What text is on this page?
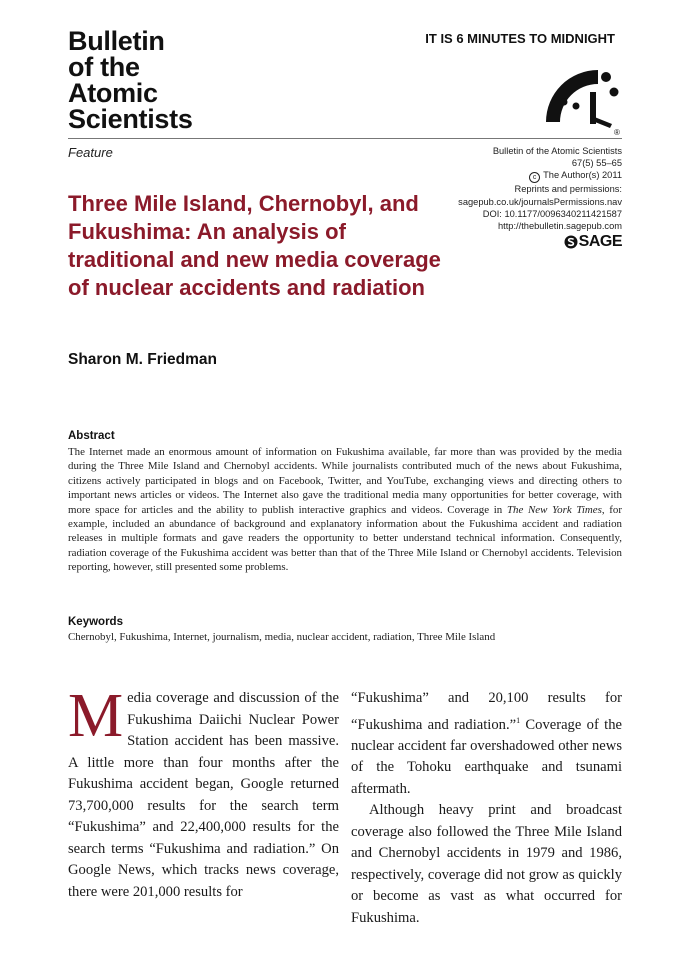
Bulletin
of the
Atomic
Scientists

IT IS 6 MINUTES TO MIDNIGHT

®

Feature	Bulletin of the Atomic Scientists
67(5) 55–65
c The Author(s) 2011
Reprints and permissions:
sagepub.co.uk/journalsPermissions.nav
DOI: 10.1177/0096340211421587
http://thebulletin.sagepub.com
SAGE
Three Mile Island, Chernobyl, and Fukushima: An analysis of traditional and new media coverage of nuclear accidents and radiation

Sharon M. Friedman

Abstract

The Internet made an enormous amount of information on Fukushima available, far more than was provided by the media during the Three Mile Island and Chernobyl accidents. While journalists contributed much of the news about Fukushima, citizens actively participated in blogs and on Facebook, Twitter, and YouTube, exchanging views and directing others to important news articles or videos. The Internet also gave the traditional media many opportunities for better coverage, with more space for articles and the ability to publish interactive graphics and videos. Coverage in The New York Times, for example, included an abundance of background and explanatory information about the Fukushima accident and radiation releases in multiple formats and gave readers the opportunity to better understand technical information. Consequently, radiation coverage of the Fukushima accident was better than that of the Three Mile Island or Chernobyl accidents. Television reporting, however, still presented some problems.

Keywords

Chernobyl, Fukushima, Internet, journalism, media, nuclear accident, radiation, Three Mile Island

Media coverage and discussion of the Fukushima Daiichi Nuclear Power Station accident has been massive. A little more than four months after the Fukushima accident began, Google returned 73,700,000 results for the search term “Fukushima” and 22,400,000 results for the search terms “Fukushima and radiation.” On Google News, which tracks news coverage, there were 201,000 results for

“Fukushima” and 20,100 results for “Fukushima and radiation.”$^1$ Coverage of the nuclear accident far overshadowed other news of the Tohoku earthquake and tsunami aftermath.

Although heavy print and broadcast coverage also followed the Three Mile Island and Chernobyl accidents in 1979 and 1986, respectively, coverage did not grow as quickly or become as vast as what occurred for Fukushima.
